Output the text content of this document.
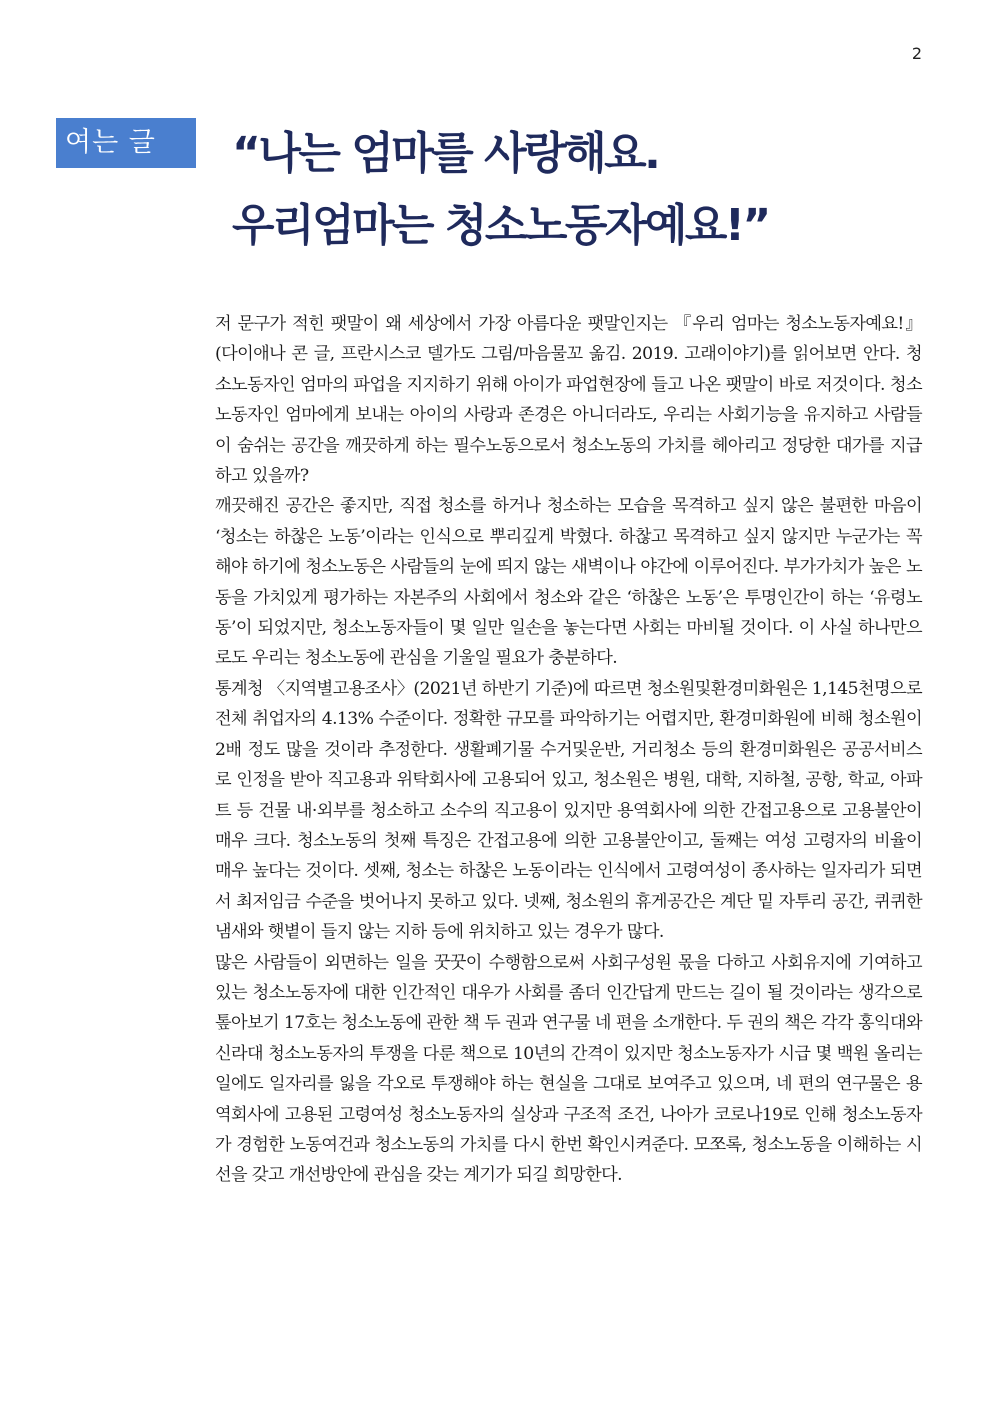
2
여는 글	“나는 엄마를 사랑해요.
우리엄마는 청소노동자예요!”

저 문구가 적힌 팻말이 왜 세상에서 가장 아름다운 팻말인지는 『우리 엄마는 청소노동자예요!』(다이애나 콘 글, 프란시스코 델가도 그림/마음물꼬 옮김. 2019. 고래이야기)를 읽어보면 안다. 청소노동자인 엄마의 파업을 지지하기 위해 아이가 파업현장에 들고 나온 팻말이 바로 저것이다. 청소노동자인 엄마에게 보내는 아이의 사랑과 존경은 아니더라도, 우리는 사회기능을 유지하고 사람들이 숨쉬는 공간을 깨끗하게 하는 필수노동으로서 청소노동의 가치를 헤아리고 정당한 대가를 지급하고 있을까?

깨끗해진 공간은 좋지만, 직접 청소를 하거나 청소하는 모습을 목격하고 싶지 않은 불편한 마음이 ‘청소는 하찮은 노동’이라는 인식으로 뿌리깊게 박혔다. 하찮고 목격하고 싶지 않지만 누군가는 꼭 해야 하기에 청소노동은 사람들의 눈에 띄지 않는 새벽이나 야간에 이루어진다. 부가가치가 높은 노동을 가치있게 평가하는 자본주의 사회에서 청소와 같은 ‘하찮은 노동’은 투명인간이 하는 ‘유령노동’이 되었지만, 청소노동자들이 몇 일만 일손을 놓는다면 사회는 마비될 것이다. 이 사실 하나만으로도 우리는 청소노동에 관심을 기울일 필요가 충분하다.

통계청 〈지역별고용조사〉(2021년 하반기 기준)에 따르면 청소원및환경미화원은 1,145천명으로 전체 취업자의 4.13% 수준이다. 정확한 규모를 파악하기는 어렵지만, 환경미화원에 비해 청소원이 2배 정도 많을 것이라 추정한다. 생활폐기물 수거및운반, 거리청소 등의 환경미화원은 공공서비스로 인정을 받아 직고용과 위탁회사에 고용되어 있고, 청소원은 병원, 대학, 지하철, 공항, 학교, 아파트 등 건물 내·외부를 청소하고 소수의 직고용이 있지만 용역회사에 의한 간접고용으로 고용불안이 매우 크다. 청소노동의 첫째 특징은 간접고용에 의한 고용불안이고, 둘째는 여성 고령자의 비율이 매우 높다는 것이다. 셋째, 청소는 하찮은 노동이라는 인식에서 고령여성이 종사하는 일자리가 되면서 최저임금 수준을 벗어나지 못하고 있다. 넷째, 청소원의 휴게공간은 계단 밑 자투리 공간, 퀴퀴한 냄새와 햇볕이 들지 않는 지하 등에 위치하고 있는 경우가 많다.

많은 사람들이 외면하는 일을 꿋꿋이 수행함으로써 사회구성원 몫을 다하고 사회유지에 기여하고 있는 청소노동자에 대한 인간적인 대우가 사회를 좀더 인간답게 만드는 길이 될 것이라는 생각으로 톺아보기 17호는 청소노동에 관한 책 두 권과 연구물 네 편을 소개한다. 두 권의 책은 각각 홍익대와 신라대 청소노동자의 투쟁을 다룬 책으로 10년의 간격이 있지만 청소노동자가 시급 몇 백원 올리는 일에도 일자리를 잃을 각오로 투쟁해야 하는 현실을 그대로 보여주고 있으며, 네 편의 연구물은 용역회사에 고용된 고령여성 청소노동자의 실상과 구조적 조건, 나아가 코로나19로 인해 청소노동자가 경험한 노동여건과 청소노동의 가치를 다시 한번 확인시켜준다. 모쪼록, 청소노동을 이해하는 시선을 갖고 개선방안에 관심을 갖는 계기가 되길 희망한다.
